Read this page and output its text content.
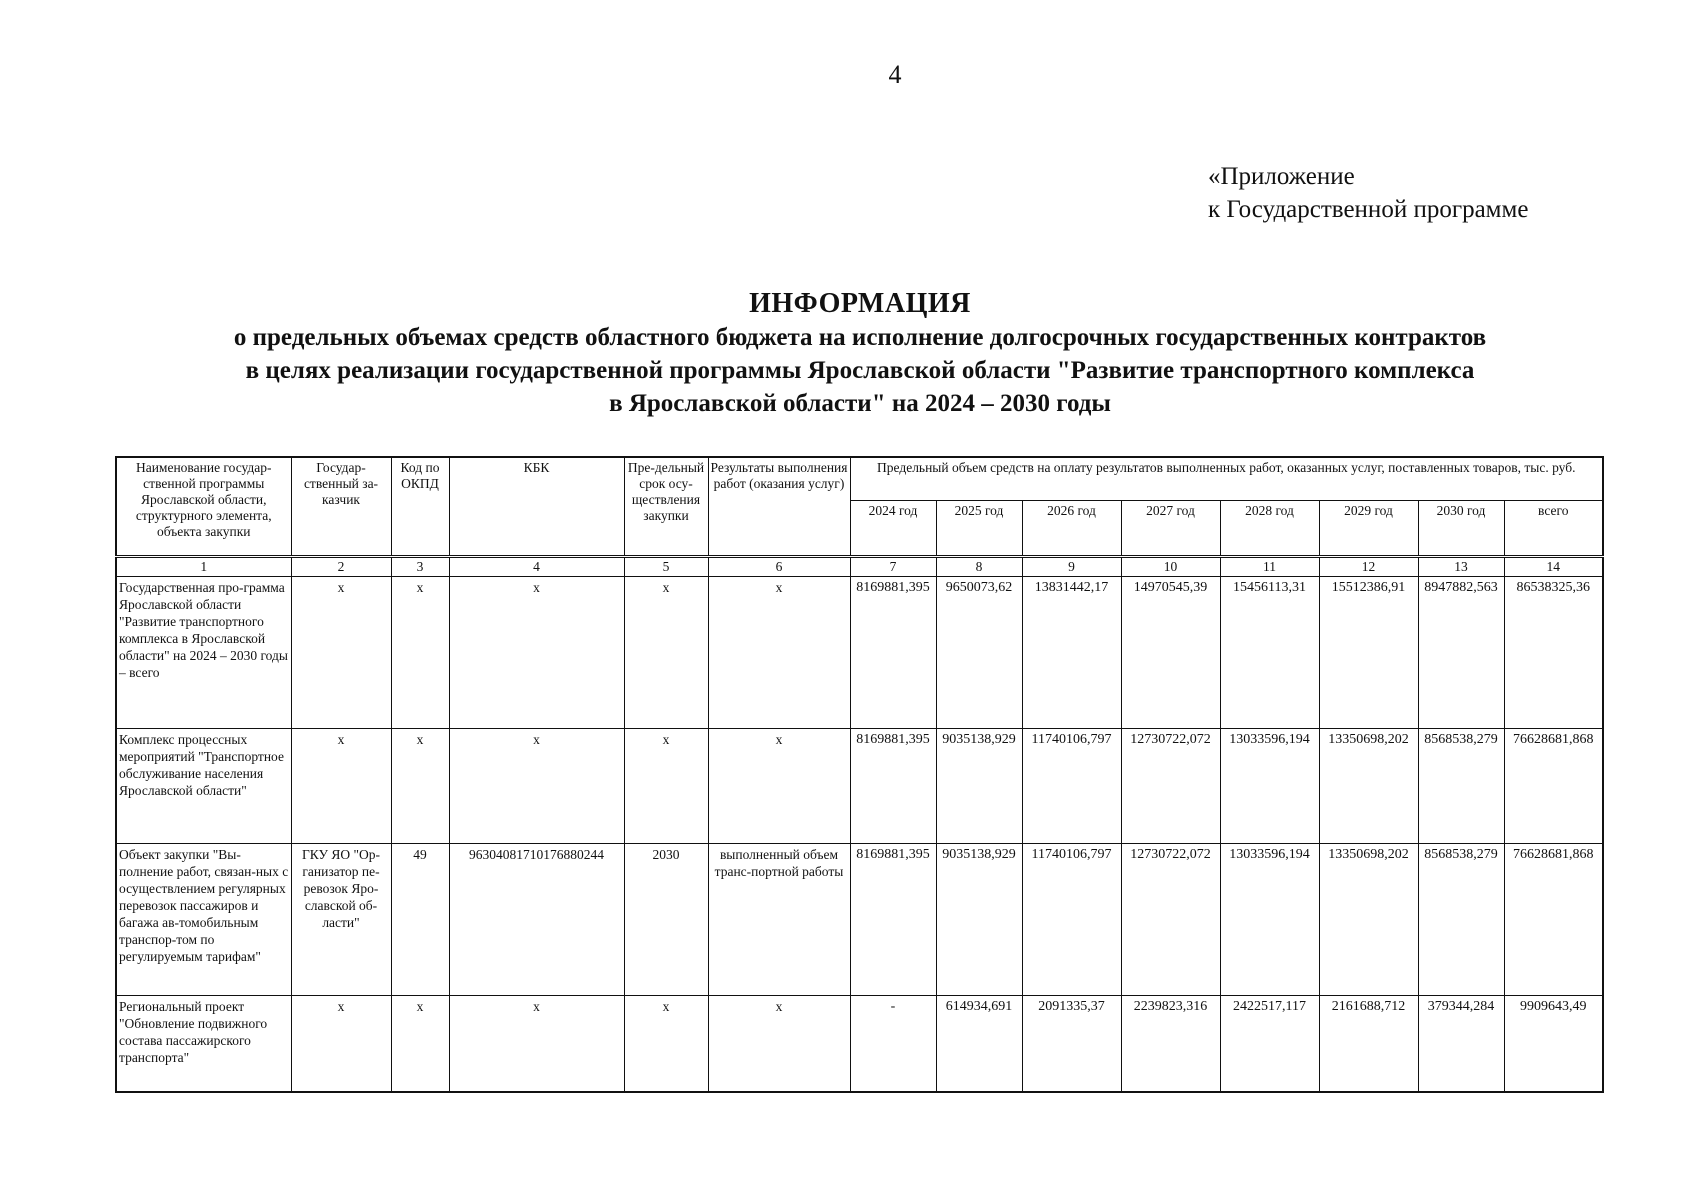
4
«Приложение
к Государственной программе
ИНФОРМАЦИЯ
о предельных объемах средств областного бюджета на исполнение долгосрочных государственных контрактов
в целях реализации государственной программы Ярославской области "Развитие транспортного комплекса
в Ярославской области" на 2024 – 2030 годы
Наименование государ-ственной программы Ярославской области, структурного элемента, объекта закупки	Государ-ственный за-казчик	Код по ОКПД	КБК	Пре-дельный срок осу-ществления закупки	Результаты выполнения работ (оказания услуг)	Предельный объем средств на оплату результатов выполненных работ, оказанных услуг, поставленных товаров, тыс. руб.							
						2024 год	2025 год	2026 год	2027 год	2028 год	2029 год	2030 год	всего
1	2	3	4	5	6	7	8	9	10	11	12	13	14
Государственная про-грамма Ярославской области "Развитие транспортного комплекса в Ярославской области" на 2024 – 2030 годы – всего	x	x	x	x	x	8169881,395	9650073,62	13831442,17	14970545,39	15456113,31	15512386,91	8947882,563	86538325,36
Комплекс процессных мероприятий "Транспортное обслуживание населения Ярославской области"	x	x	x	x	x	8169881,395	9035138,929	11740106,797	12730722,072	13033596,194	13350698,202	8568538,279	76628681,868
Объект закупки "Вы-полнение работ, связан-ных с осуществлением регулярных перевозок пассажиров и багажа ав-томобильным транспор-том по регулируемым тарифам"	ГКУ ЯО "Ор-ганизатор пе-ревозок Яро-славской об-ласти"	49	96304081710176880244	2030	выполненный объем транс-портной работы	8169881,395	9035138,929	11740106,797	12730722,072	13033596,194	13350698,202	8568538,279	76628681,868
Региональный проект "Обновление подвижного состава пассажирского транспорта"	x	x	x	x	x	-	614934,691	2091335,37	2239823,316	2422517,117	2161688,712	379344,284	9909643,49
